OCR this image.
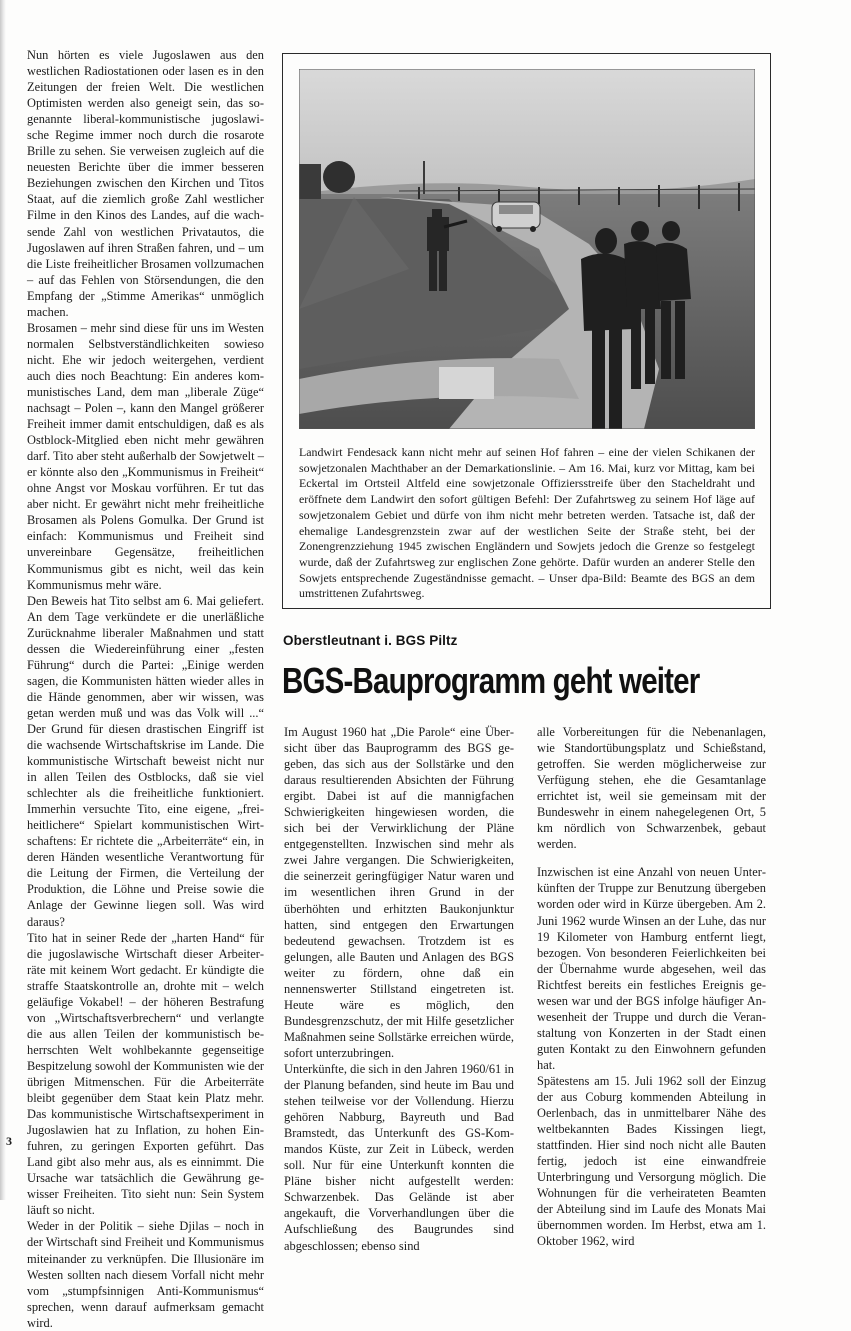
Nun hörten es viele Jugoslawen aus den westlichen Radiostationen oder lasen es in den Zeitungen der freien Welt. Die westlichen Optimisten werden also geneigt sein, das sogenannte liberal-kommunistische jugoslawische Regime immer noch durch die rosarote Brille zu sehen. Sie verweisen zugleich auf die neuesten Berichte über die immer besseren Beziehungen zwischen den Kirchen und Titos Staat, auf die ziemlich große Zahl westlicher Filme in den Kinos des Landes, auf die wachsende Zahl von westlichen Privatautos, die Jugoslawen auf ihren Straßen fahren, und – um die Liste freiheitlicher Brosamen vollzumachen – auf das Fehlen von Störsendungen, die den Empfang der „Stimme Amerikas“ unmöglich machen.

Brosamen – mehr sind diese für uns im Westen normalen Selbstverständlichkeiten sowieso nicht. Ehe wir jedoch weitergehen, verdient auch dies noch Beachtung: Ein anderes kommunistisches Land, dem man „liberale Züge“ nachsagt – Polen –, kann den Mangel größerer Freiheit immer damit entschuldigen, daß es als Ostblock-Mitglied eben nicht mehr gewähren darf. Tito aber steht außerhalb der Sowjetwelt – er könnte also den „Kommunismus in Freiheit“ ohne Angst vor Moskau vorführen. Er tut das aber nicht. Er gewährt nicht mehr freiheitliche Brosamen als Polens Gomulka. Der Grund ist einfach: Kommunismus und Freiheit sind unvereinbare Gegensätze, freiheitlichen Kommunismus gibt es nicht, weil das kein Kommunismus mehr wäre.

Den Beweis hat Tito selbst am 6. Mai geliefert. An dem Tage verkündete er die unerläßliche Zurücknahme liberaler Maßnahmen und statt dessen die Wiedereinführung einer „festen Führung“ durch die Partei: „Einige werden sagen, die Kommunisten hätten wieder alles in die Hände genommen, aber wir wissen, was getan werden muß und was das Volk will ...“ Der Grund für diesen drastischen Eingriff ist die wachsende Wirtschaftskrise im Lande. Die kommunistische Wirtschaft beweist nicht nur in allen Teilen des Ostblocks, daß sie viel schlechter als die freiheitliche funktioniert. Immerhin versuchte Tito, eine eigene, „freiheitlichere“ Spielart kommunistischen Wirtschaftens: Er richtete die „Arbeiterräte“ ein, in deren Händen wesentliche Verantwortung für die Leitung der Firmen, die Verteilung der Produktion, die Löhne und Preise sowie die Anlage der Gewinne liegen soll. Was wird daraus?

Tito hat in seiner Rede der „harten Hand“ für die jugoslawische Wirtschaft dieser Arbeiterräte mit keinem Wort gedacht. Er kündigte die straffe Staatskontrolle an, drohte mit – welch geläufige Vokabel! – der höheren Bestrafung von „Wirtschaftsverbrechern“ und verlangte die aus allen Teilen der kommunistisch beherrschten Welt wohlbekannte gegenseitige Bespitzelung sowohl der Kommunisten wie der übrigen Mitmenschen. Für die Arbeiterräte bleibt gegenüber dem Staat kein Platz mehr. Das kommunistische Wirtschaftsexperiment in Jugoslawien hat zu Inflation, zu hohen Einfuhren, zu geringen Exporten geführt. Das Land gibt also mehr aus, als es einnimmt. Die Ursache war tatsächlich die Gewährung gewisser Freiheiten. Tito sieht nun: Sein System läuft so nicht.

Weder in der Politik – siehe Djilas – noch in der Wirtschaft sind Freiheit und Kommunismus miteinander zu verknüpfen. Die Illusionäre im Westen sollten nach diesem Vorfall nicht mehr vom „stumpfsinnigen Anti-Kommunismus“ sprechen, wenn darauf aufmerksam gemacht wird.

3
Landwirt Fendesack kann nicht mehr auf seinen Hof fahren – eine der vielen Schikanen der sowjetzonalen Machthaber an der Demarkationslinie. – Am 16. Mai, kurz vor Mittag, kam bei Eckertal im Ortsteil Altfeld eine sowjetzonale Offiziersstreife über den Stacheldraht und eröffnete dem Landwirt den sofort gültigen Befehl: Der Zufahrtsweg zu seinem Hof läge auf sowjetzonalem Gebiet und dürfe von ihm nicht mehr betreten werden. Tatsache ist, daß der ehemalige Landesgrenzstein zwar auf der westlichen Seite der Straße steht, bei der Zonengrenzziehung 1945 zwischen Engländern und Sowjets jedoch die Grenze so festgelegt wurde, daß der Zufahrtsweg zur englischen Zone gehörte. Dafür wurden an anderer Stelle den Sowjets entsprechende Zugeständnisse gemacht. – Unser dpa-Bild: Beamte des BGS an dem umstrittenen Zufahrtsweg.
Oberstleutnant i. BGS Piltz
BGS-Bauprogramm geht weiter

Im August 1960 hat „Die Parole“ eine Übersicht über das Bauprogramm des BGS gegeben, das sich aus der Sollstärke und den daraus resultierenden Absichten der Führung ergibt. Dabei ist auf die mannigfachen Schwierigkeiten hingewiesen worden, die sich bei der Verwirklichung der Pläne entgegenstellten. Inzwischen sind mehr als zwei Jahre vergangen. Die Schwierigkeiten, die seinerzeit geringfügiger Natur waren und im wesentlichen ihren Grund in der überhöhten und erhitzten Baukonjunktur hatten, sind entgegen den Erwartungen bedeutend gewachsen. Trotzdem ist es gelungen, alle Bauten und Anlagen des BGS weiter zu fördern, ohne daß ein nennenswerter Stillstand eingetreten ist. Heute wäre es möglich, den Bundesgrenzschutz, der mit Hilfe gesetzlicher Maßnahmen seine Sollstärke erreichen würde, sofort unterzubringen.

Unterkünfte, die sich in den Jahren 1960/61 in der Planung befanden, sind heute im Bau und stehen teilweise vor der Vollendung. Hierzu gehören Nabburg, Bayreuth und Bad Bramstedt, das Unterkunft des GS-Kommandos Küste, zur Zeit in Lübeck, werden soll. Nur für eine Unterkunft konnten die Pläne bisher nicht aufgestellt werden: Schwarzenbek. Das Gelände ist aber angekauft, die Vorverhandlungen über die Aufschließung des Baugrundes sind abgeschlossen; ebenso sind

alle Vorbereitungen für die Nebenanlagen, wie Standortübungsplatz und Schießstand, getroffen. Sie werden möglicherweise zur Verfügung stehen, ehe die Gesamtanlage errichtet ist, weil sie gemeinsam mit der Bundeswehr in einem nahegelegenen Ort, 5 km nördlich von Schwarzenbek, gebaut werden.

Inzwischen ist eine Anzahl von neuen Unterkünften der Truppe zur Benutzung übergeben worden oder wird in Kürze übergeben. Am 2. Juni 1962 wurde Winsen an der Luhe, das nur 19 Kilometer von Hamburg entfernt liegt, bezogen. Von besonderen Feierlichkeiten bei der Übernahme wurde abgesehen, weil das Richtfest bereits ein festliches Ereignis gewesen war und der BGS infolge häufiger Anwesenheit der Truppe und durch die Veranstaltung von Konzerten in der Stadt einen guten Kontakt zu den Einwohnern gefunden hat.

Spätestens am 15. Juli 1962 soll der Einzug der aus Coburg kommenden Abteilung in Oerlenbach, das in unmittelbarer Nähe des weltbekannten Bades Kissingen liegt, stattfinden. Hier sind noch nicht alle Bauten fertig, jedoch ist eine einwandfreie Unterbringung und Versorgung möglich. Die Wohnungen für die verheirateten Beamten der Abteilung sind im Laufe des Monats Mai übernommen worden. Im Herbst, etwa am 1. Oktober 1962, wird
